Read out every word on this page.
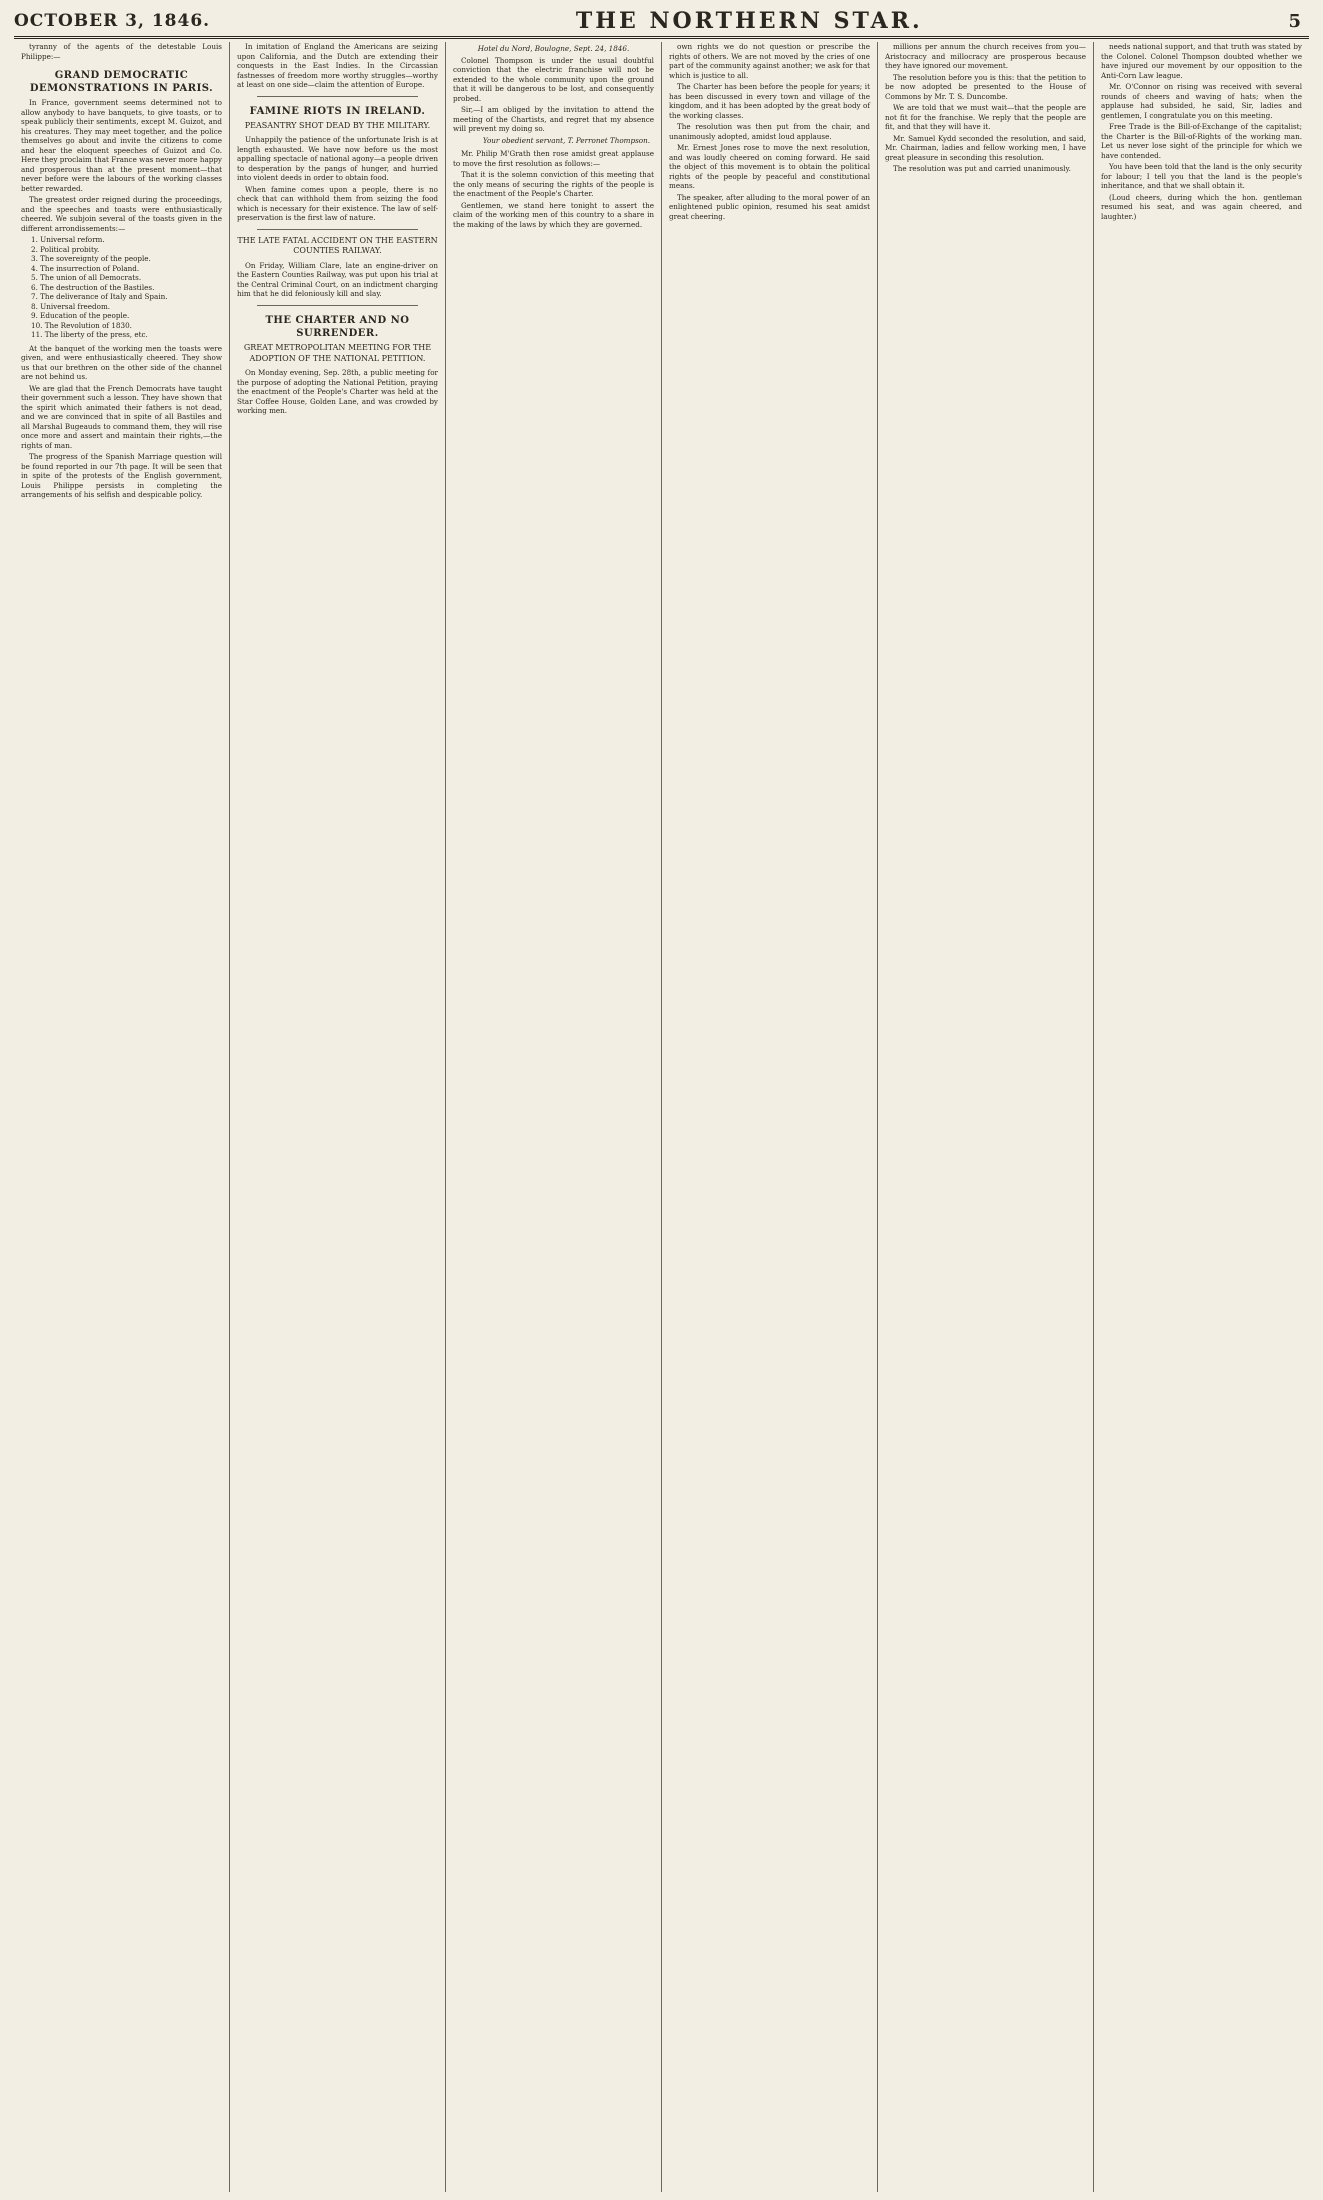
OCTOBER 3, 1846.	THE NORTHERN STAR.	5

tyranny of the agents of the detestable Louis Philippe:—

GRAND DEMOCRATIC DEMONSTRATIONS IN PARIS.

In France, government seems determined not to allow anybody to have banquets, to give toasts, or to speak publicly their sentiments, except M. Guizot, and his creatures. They may meet together, and the police themselves go about and invite the citizens to come and hear the eloquent speeches of Guizot and Co. Here they proclaim that France was never more happy and prosperous than at the present moment—that never before were the labours of the working classes better rewarded.

The greatest order reigned during the proceedings, and the speeches and toasts were enthusiastically cheered. We subjoin several of the toasts given in the different arrondissements:—

1. Universal reform.
2. Political probity.
3. The sovereignty of the people.
4. The insurrection of Poland.
5. The union of all Democrats.
6. The destruction of the Bastiles.
7. The deliverance of Italy and Spain.
8. Universal freedom.
9. Education of the people.
10. The Revolution of 1830.
11. The liberty of the press, etc.

At the banquet of the working men the toasts were given, and were enthusiastically cheered. They show us that our brethren on the other side of the channel are not behind us.

We are glad that the French Democrats have taught their government such a lesson. They have shown that the spirit which animated their fathers is not dead, and we are convinced that in spite of all Bastiles and all Marshal Bugeauds to command them, they will rise once more and assert and maintain their rights,—the rights of man.

The progress of the Spanish Marriage question will be found reported in our 7th page. It will be seen that in spite of the protests of the English government, Louis Philippe persists in completing the arrangements of his selfish and despicable policy.

In imitation of England the Americans are seizing upon California, and the Dutch are extending their conquests in the East Indies. In the Circassian fastnesses of freedom more worthy struggles—worthy at least on one side—claim the attention of Europe.

FAMINE RIOTS IN IRELAND.
PEASANTRY SHOT DEAD BY THE MILITARY.

Unhappily the patience of the unfortunate Irish is at length exhausted. We have now before us the most appalling spectacle of national agony—a people driven to desperation by the pangs of hunger, and hurried into violent deeds in order to obtain food.

When famine comes upon a people, there is no check that can withhold them from seizing the food which is necessary for their existence. The law of self-preservation is the first law of nature.

THE LATE FATAL ACCIDENT ON THE EASTERN COUNTIES RAILWAY.

On Friday, William Clare, late an engine-driver on the Eastern Counties Railway, was put upon his trial at the Central Criminal Court, on an indictment charging him that he did feloniously kill and slay.

THE CHARTER AND NO SURRENDER.
GREAT METROPOLITAN MEETING FOR THE ADOPTION OF THE NATIONAL PETITION.

On Monday evening, Sep. 28th, a public meeting for the purpose of adopting the National Petition, praying the enactment of the People's Charter was held at the Star Coffee House, Golden Lane, and was crowded by working men.

Hotel du Nord, Boulogne, Sept. 24, 1846.

Colonel Thompson is under the usual doubtful conviction that the electric franchise will not be extended to the whole community upon the ground that it will be dangerous to be lost, and consequently probed.

Sir,—I am obliged by the invitation to attend the meeting of the Chartists, and regret that my absence will prevent my doing so.

Your obedient servant, T. Perronet Thompson.

Mr. Philip M'Grath then rose amidst great applause to move the first resolution as follows:—

That it is the solemn conviction of this meeting that the only means of securing the rights of the people is the enactment of the People's Charter.

Gentlemen, we stand here tonight to assert the claim of the working men of this country to a share in the making of the laws by which they are governed.

own rights we do not question or prescribe the rights of others. We are not moved by the cries of one part of the community against another; we ask for that which is justice to all.

The Charter has been before the people for years; it has been discussed in every town and village of the kingdom, and it has been adopted by the great body of the working classes.

The resolution was then put from the chair, and unanimously adopted, amidst loud applause.

Mr. Ernest Jones rose to move the next resolution, and was loudly cheered on coming forward. He said the object of this movement is to obtain the political rights of the people by peaceful and constitutional means.

The speaker, after alluding to the moral power of an enlightened public opinion, resumed his seat amidst great cheering.

millions per annum the church receives from you—Aristocracy and millocracy are prosperous because they have ignored our movement.

The resolution before you is this: that the petition to be now adopted be presented to the House of Commons by Mr. T. S. Duncombe.

We are told that we must wait—that the people are not fit for the franchise. We reply that the people are fit, and that they will have it.

Mr. Samuel Kydd seconded the resolution, and said, Mr. Chairman, ladies and fellow working men, I have great pleasure in seconding this resolution.

The resolution was put and carried unanimously.

needs national support, and that truth was stated by the Colonel. Colonel Thompson doubted whether we have injured our movement by our opposition to the Anti-Corn Law league.

Mr. O'Connor on rising was received with several rounds of cheers and waving of hats; when the applause had subsided, he said, Sir, ladies and gentlemen, I congratulate you on this meeting.

Free Trade is the Bill-of-Exchange of the capitalist; the Charter is the Bill-of-Rights of the working man. Let us never lose sight of the principle for which we have contended.

You have been told that the land is the only security for labour; I tell you that the land is the people's inheritance, and that we shall obtain it.

(Loud cheers, during which the hon. gentleman resumed his seat, and was again cheered, and laughter.)
